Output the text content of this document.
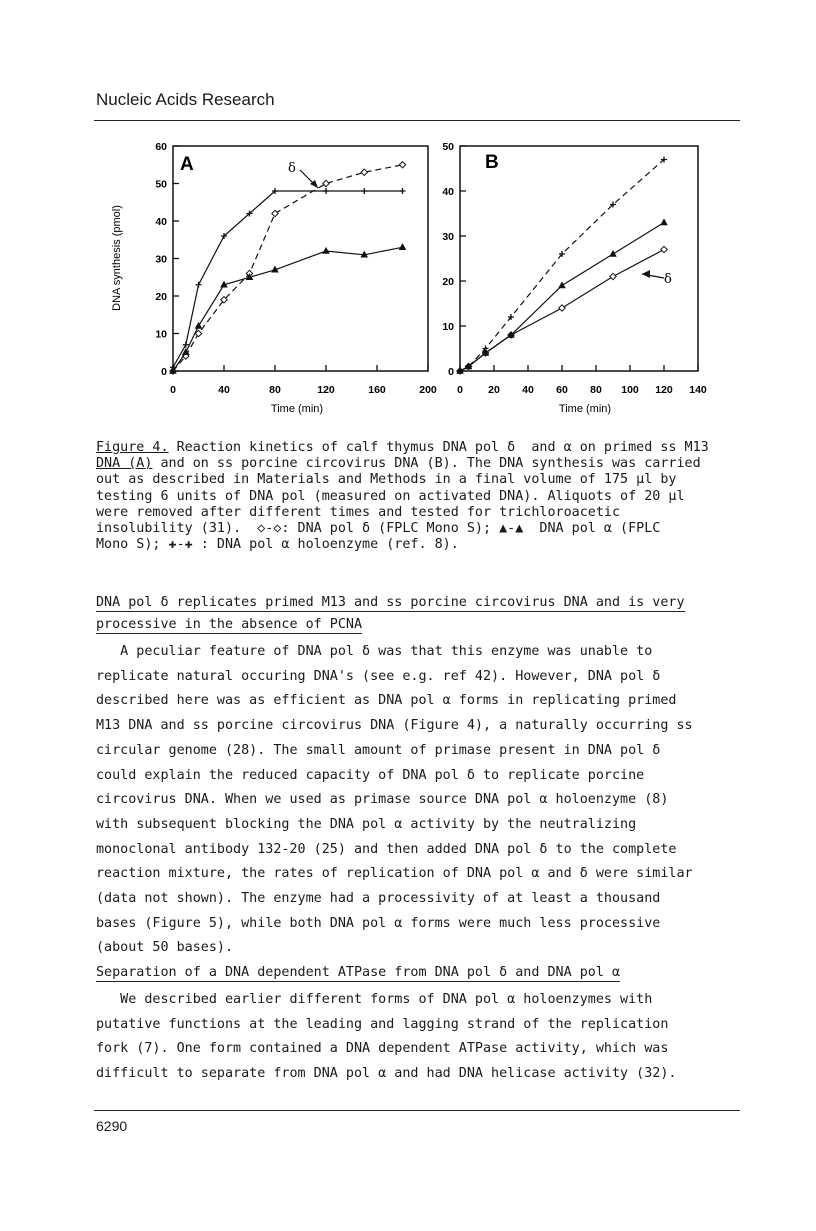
Nucleic Acids Research
0
10
20
30
40
50
60
0	40	80	120	160	200
0
10
20
30
40
50
0 20 40 60 80 100 120 140
A	B
δ
δ
DNA synthesis (pmol)
Time (min)	Time (min)
Figure 4. Reaction kinetics of calf thymus DNA pol δ  and α on primed ss M13
DNA (A) and on ss porcine circovirus DNA (B). The DNA synthesis was carried
out as described in Materials and Methods in a final volume of 175 μl by
testing 6 units of DNA pol (measured on activated DNA). Aliquots of 20 μl
were removed after different times and tested for trichloroacetic
insolubility (31).  ◇-◇: DNA pol δ (FPLC Mono S); ▲-▲  DNA pol α (FPLC
Mono S); ✚-✚ : DNA pol α holoenzyme (ref. 8).
DNA pol δ replicates primed M13 and ss porcine circovirus DNA and is very
processive in the absence of PCNA
A peculiar feature of DNA pol δ was that this enzyme was unable to
replicate natural occuring DNA's (see e.g. ref 42). However, DNA pol δ
described here was as efficient as DNA pol α forms in replicating primed
M13 DNA and ss porcine circovirus DNA (Figure 4), a naturally occurring ss
circular genome (28). The small amount of primase present in DNA pol δ
could explain the reduced capacity of DNA pol δ to replicate porcine
circovirus DNA. When we used as primase source DNA pol α holoenzyme (8)
with subsequent blocking the DNA pol α activity by the neutralizing
monoclonal antibody 132-20 (25) and then added DNA pol δ to the complete
reaction mixture, the rates of replication of DNA pol α and δ were similar
(data not shown). The enzyme had a processivity of at least a thousand
bases (Figure 5), while both DNA pol α forms were much less processive
(about 50 bases).
Separation of a DNA dependent ATPase from DNA pol δ and DNA pol α
We described earlier different forms of DNA pol α holoenzymes with
putative functions at the leading and lagging strand of the replication
fork (7). One form contained a DNA dependent ATPase activity, which was
difficult to separate from DNA pol α and had DNA helicase activity (32).
6290
